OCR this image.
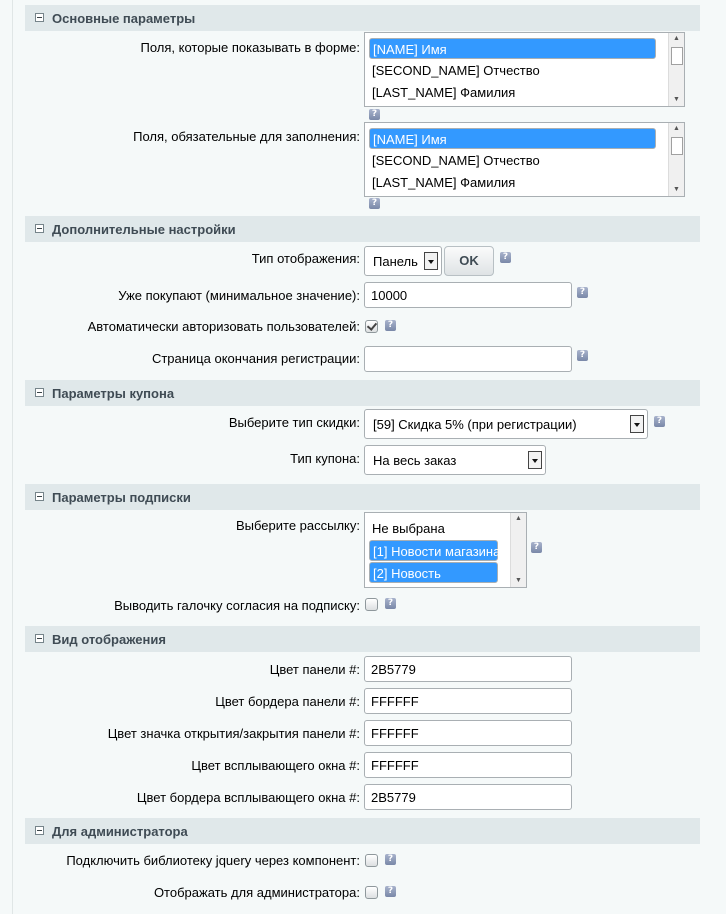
Основные параметры
Поля, которые показывать в форме:	[NAME] Имя
[SECOND_NAME] Отчество
[LAST_NAME] Фамилия
▲
▼
?
Поля, обязательные для заполнения:	[NAME] Имя
[SECOND_NAME] Отчество
[LAST_NAME] Фамилия
▲
▼
?
Дополнительные настройки
Тип отображения: Панель	OK	?
Уже покупают (минимальное значение): 10000	?
Автоматически авторизовать пользователей:	?
Страница окончания регистрации:	?
Параметры купона
Выберите тип скидки: [59] Скидка 5% (при регистрации)	?
Тип купона: На весь заказ
Параметры подписки
Выберите рассылку: Не выбрана
[1] Новости магазина
[2] Новость
▲
▼
?
Выводить галочку согласия на подписку:	?
Вид отображения
Цвет панели #: 2B5779
Цвет бордера панели #: FFFFFF
Цвет значка открытия/закрытия панели #: FFFFFF
Цвет всплывающего окна #: FFFFFF
Цвет бордера всплывающего окна #: 2B5779
Для администратора
Подключить библиотеку jquery через компонент:	?
Отображать для администратора:	?
